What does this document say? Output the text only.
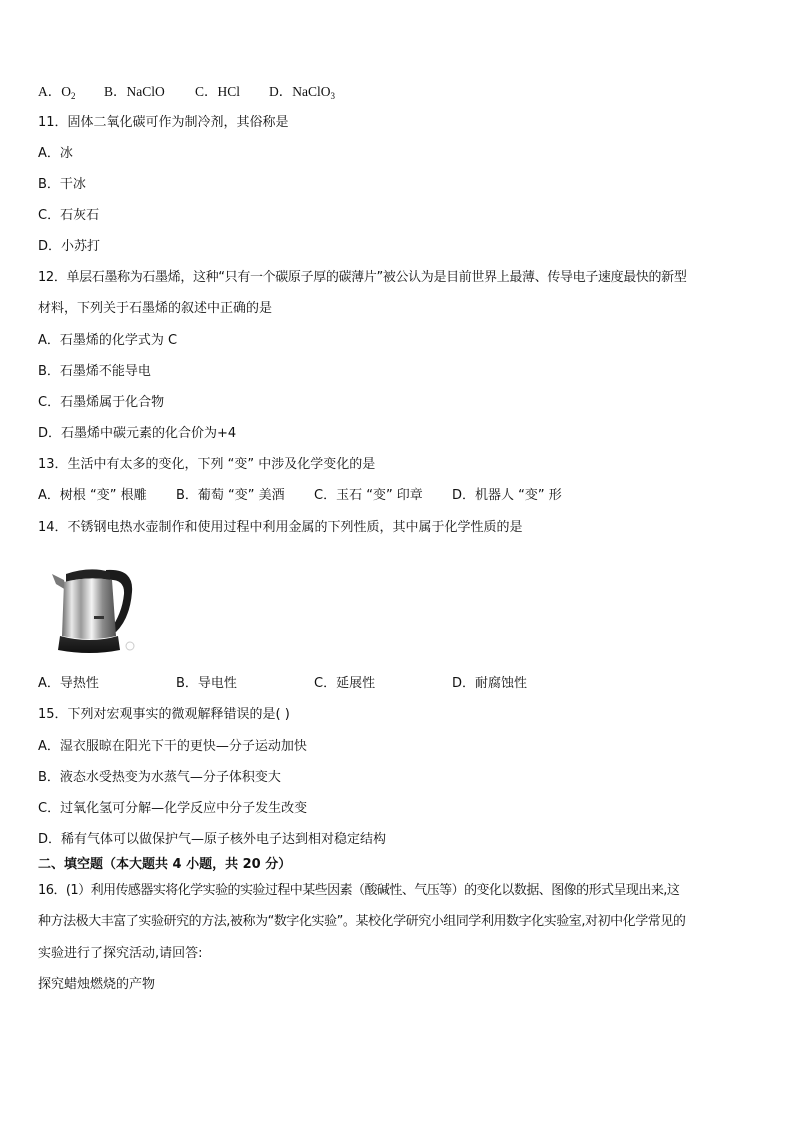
A．$O_2$ B．NaClO C．HCl D．NaClO$_3$
11．固体二氧化碳可作为制冷剂，其俗称是
A．冰
B．干冰
C．石灰石
D．小苏打
12．单层石墨称为石墨烯，这种“只有一个碳原子厚的碳薄片”被公认为是目前世界上最薄、传导电子速度最快的新型
材料，下列关于石墨烯的叙述中正确的是
A．石墨烯的化学式为 C
B．石墨烯不能导电
C．石墨烯属于化合物
D．石墨烯中碳元素的化合价为+4
13．生活中有太多的变化，下列 “变” 中涉及化学变化的是
A．树根 “变” 根雕 B．葡萄 “变” 美酒 C．玉石 “变” 印章 D．机器人 “变” 形
14．不锈钢电热水壶制作和使用过程中利用金属的下列性质，其中属于化学性质的是
A．导热性	B．导电性	C．延展性	D．耐腐蚀性
15．下列对宏观事实的微观解释错误的是( )
A．湿衣服晾在阳光下干的更快—分子运动加快
B．液态水受热变为水蒸气—分子体积变大
C．过氧化氢可分解—化学反应中分子发生改变
D．稀有气体可以做保护气—原子核外电子达到相对稳定结构
二、填空题（本大题共 4 小题，共 20 分）
16．(1）利用传感器实将化学实验的实验过程中某些因素（酸碱性、气压等）的变化以数据、图像的形式呈现出来,这
种方法极大丰富了实验研究的方法,被称为“数字化实验”。某校化学研究小组同学利用数字化实验室,对初中化学常见的
实验进行了探究活动,请回答:
探究蜡烛燃烧的产物
